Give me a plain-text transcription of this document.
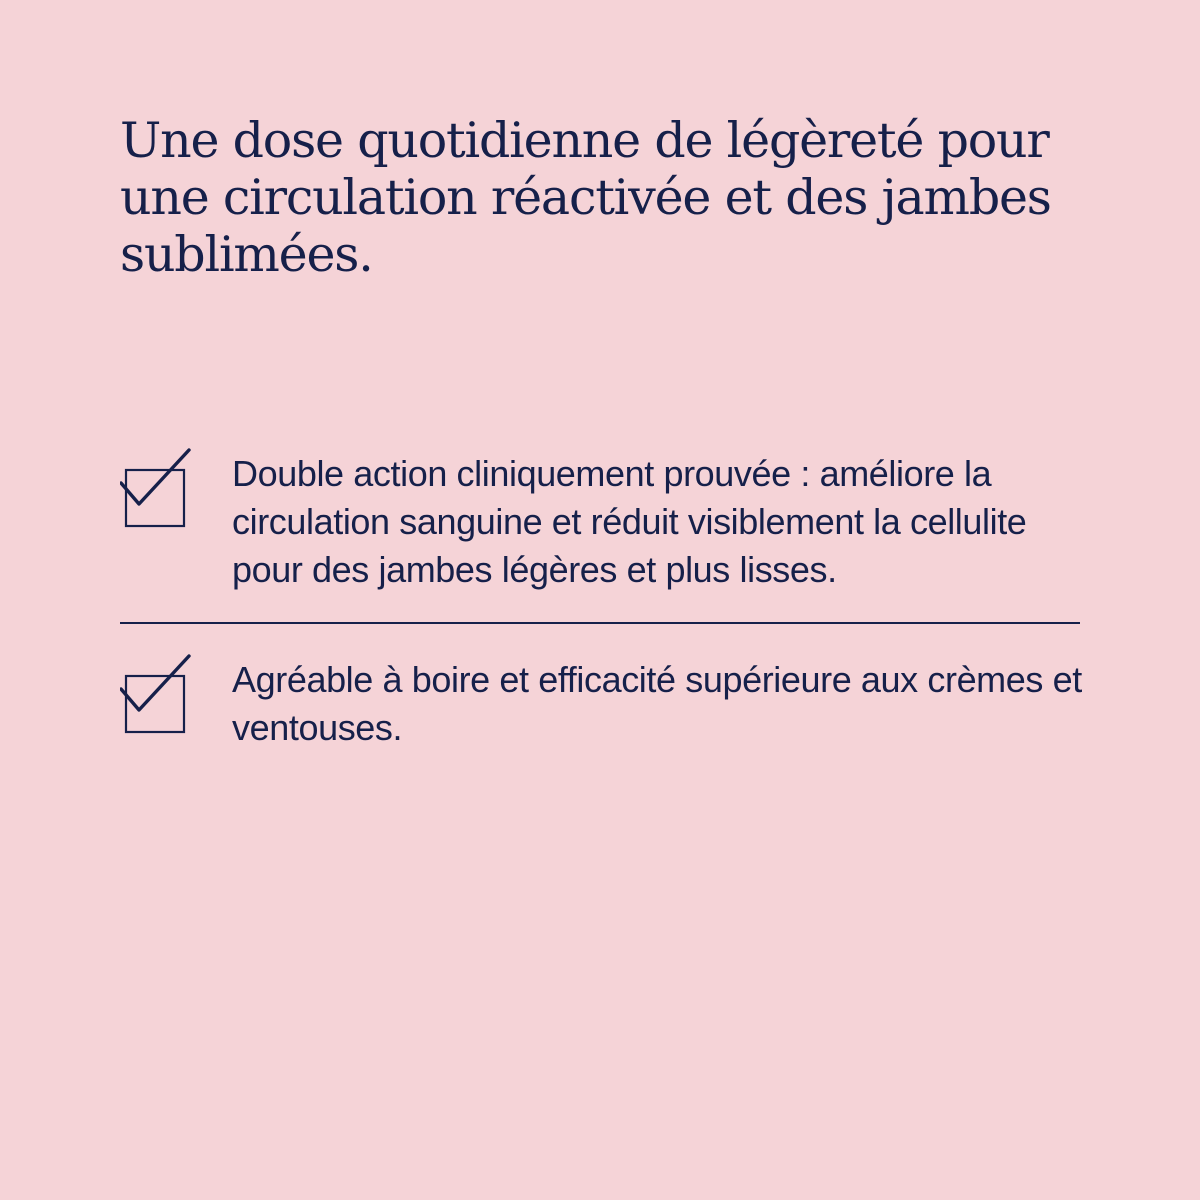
Une dose quotidienne de légèreté pour une circulation réactivée et des jambes sublimées.

Double action cliniquement prouvée : améliore la circulation sanguine et réduit visiblement la cellulite pour des jambes légères et plus lisses.

Agréable à boire et efficacité supérieure aux crèmes et ventouses.
